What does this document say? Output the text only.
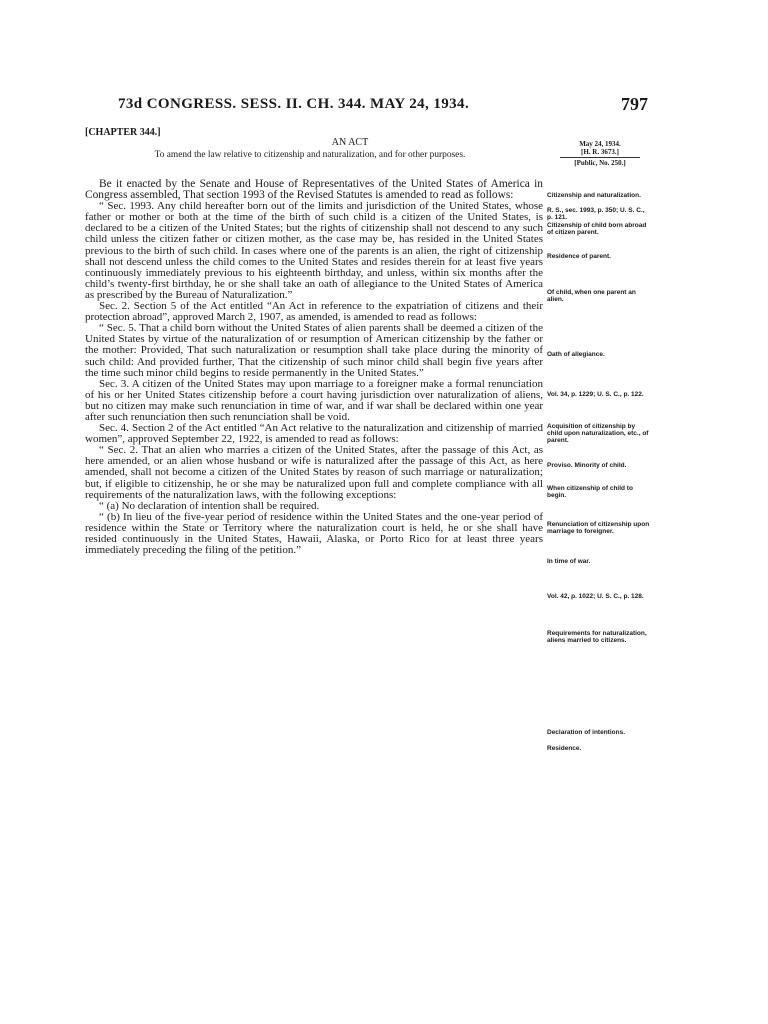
73d CONGRESS. SESS. II. CH. 344. MAY 24, 1934.	797
[CHAPTER 344.]
AN ACT
To amend the law relative to citizenship and naturalization, and for other purposes.
May 24, 1934.
[H. R. 3673.]
[Public, No. 250.]

Be it enacted by the Senate and House of Representatives of the United States of America in Congress assembled, That section 1993 of the Revised Statutes is amended to read as follows:

“ Sec. 1993. Any child hereafter born out of the limits and jurisdiction of the United States, whose father or mother or both at the time of the birth of such child is a citizen of the United States, is declared to be a citizen of the United States; but the rights of citizenship shall not descend to any such child unless the citizen father or citizen mother, as the case may be, has resided in the United States previous to the birth of such child. In cases where one of the parents is an alien, the right of citizenship shall not descend unless the child comes to the United States and resides therein for at least five years continuously immediately previous to his eighteenth birthday, and unless, within six months after the child’s twenty-first birthday, he or she shall take an oath of allegiance to the United States of America as prescribed by the Bureau of Naturalization.”

Sec. 2. Section 5 of the Act entitled “An Act in reference to the expatriation of citizens and their protection abroad”, approved March 2, 1907, as amended, is amended to read as follows:

“ Sec. 5. That a child born without the United States of alien parents shall be deemed a citizen of the United States by virtue of the naturalization of or resumption of American citizenship by the father or the mother: Provided, That such naturalization or resumption shall take place during the minority of such child: And provided further, That the citizenship of such minor child shall begin five years after the time such minor child begins to reside permanently in the United States.”

Sec. 3. A citizen of the United States may upon marriage to a foreigner make a formal renunciation of his or her United States citizenship before a court having jurisdiction over naturalization of aliens, but no citizen may make such renunciation in time of war, and if war shall be declared within one year after such renunciation then such renunciation shall be void.

Sec. 4. Section 2 of the Act entitled “An Act relative to the naturalization and citizenship of married women”, approved September 22, 1922, is amended to read as follows:

“ Sec. 2. That an alien who marries a citizen of the United States, after the passage of this Act, as here amended, or an alien whose husband or wife is naturalized after the passage of this Act, as here amended, shall not become a citizen of the United States by reason of such marriage or naturalization; but, if eligible to citizenship, he or she may be naturalized upon full and complete compliance with all requirements of the naturalization laws, with the following exceptions:

“ (a) No declaration of intention shall be required.

“ (b) In lieu of the five-year period of residence within the United States and the one-year period of residence within the State or Territory where the naturalization court is held, he or she shall have resided continuously in the United States, Hawaii, Alaska, or Porto Rico for at least three years immediately preceding the filing of the petition.”

Citizenship and naturalization.
R. S., sec. 1993, p. 350; U. S. C., p. 121.
Citizenship of child born abroad of citizen parent.
Residence of parent.
Of child, when one parent an alien.
Oath of allegiance.
Vol. 34, p. 1229; U. S. C., p. 122.
Acquisition of citizenship by child upon naturalization, etc., of parent.
Proviso. Minority of child.
When citizenship of child to begin.
Renunciation of citizenship upon marriage to foreigner.
In time of war.
Vol. 42, p. 1022; U. S. C., p. 128.
Requirements for naturalization, aliens married to citizens.
Declaration of intentions.
Residence.
